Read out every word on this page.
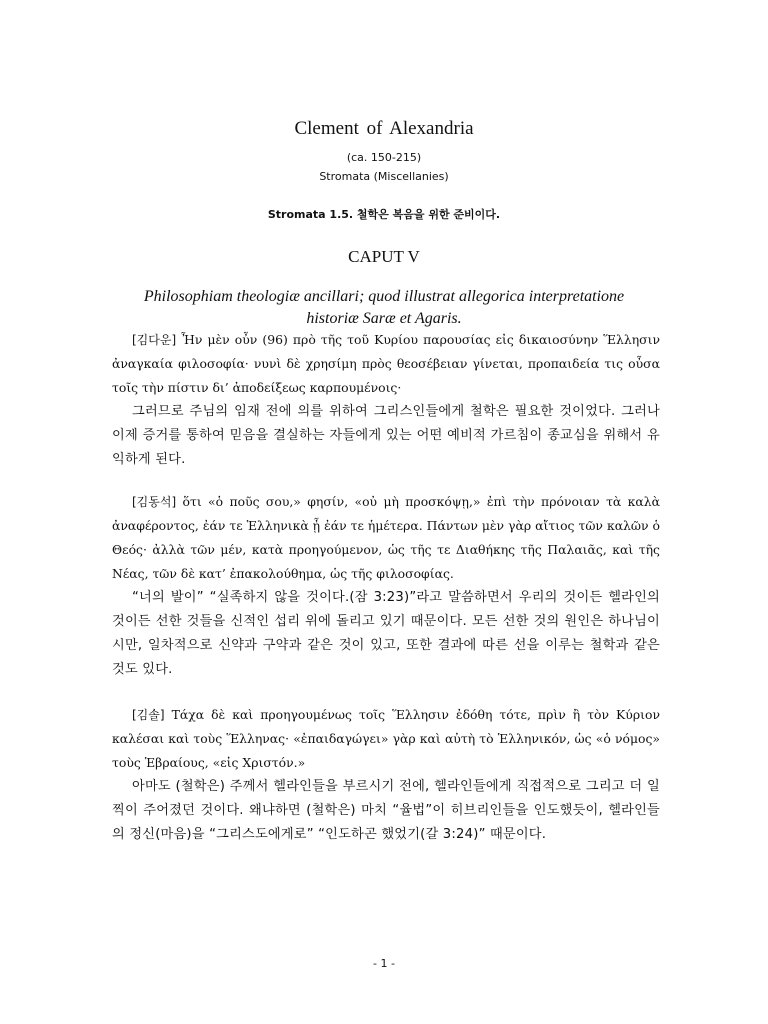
Clement of Alexandria
(ca. 150-215)
Stromata (Miscellanies)
Stromata 1.5. 철학은 복음을 위한 준비이다.
CAPUT V
Philosophiam theologiæ ancillari; quod illustrat allegorica interpretatione historiæ Saræ et Agaris.

[김다운] Ἦν μὲν οὖν (96) πρὸ τῆς τοῦ Κυρίου παρουσίας εἰς δικαιοσύνην Ἕλλησιν ἀναγκαία φιλοσοφία· νυνὶ δὲ χρησίμη πρὸς θεοσέβειαν γίνεται, προπαιδεία τις οὖσα τοῖς τὴν πίστιν δι’ ἀποδείξεως καρπουμένοις·

그러므로 주님의 임재 전에 의를 위하여 그리스인들에게 철학은 필요한 것이었다. 그러나 이제 증거를 통하여 믿음을 결실하는 자들에게 있는 어떤 예비적 가르침이 종교심을 위해서 유익하게 된다.

[김동석] ὅτι «ὁ ποῦς σου,» φησίν, «οὐ μὴ προσκόψῃ,» ἐπὶ τὴν πρόνοιαν τὰ καλὰ ἀναφέροντος, ἐάν τε Ἑλληνικὰ ᾖ ἐάν τε ἡμέτερα. Πάντων μὲν γὰρ αἴτιος τῶν καλῶν ὁ Θεός· ἀλλὰ τῶν μέν, κατὰ προηγούμενον, ὡς τῆς τε Διαθήκης τῆς Παλαιᾶς, καὶ τῆς Νέας, τῶν δὲ κατ’ ἐπακολούθημα, ὡς τῆς φιλοσοφίας.

“너의 발이” “실족하지 않을 것이다.(잠 3:23)”라고 말씀하면서 우리의 것이든 헬라인의 것이든 선한 것들을 신적인 섭리 위에 돌리고 있기 때문이다. 모든 선한 것의 원인은 하나님이시만, 일차적으로 신약과 구약과 같은 것이 있고, 또한 결과에 따른 선을 이루는 철학과 같은 것도 있다.

[김솔] Τάχα δὲ καὶ προηγουμένως τοῖς Ἕλλησιν ἐδόθη τότε, πρὶν ἢ τὸν Κύριον καλέσαι καὶ τοὺς Ἕλληνας· «ἐπαιδαγώγει» γὰρ καὶ αὐτὴ τὸ Ἑλληνικόν, ὡς «ὁ νόμος» τοὺς Ἑβραίους, «εἰς Χριστόν.»

아마도 (철학은) 주께서 헬라인들을 부르시기 전에, 헬라인들에게 직접적으로 그리고 더 일찍이 주어졌던 것이다. 왜냐하면 (철학은) 마치 “율법”이 히브리인들을 인도했듯이, 헬라인들의 정신(마음)을 “그리스도에게로” “인도하곤 했었기(갈 3:24)” 때문이다.

- 1 -
